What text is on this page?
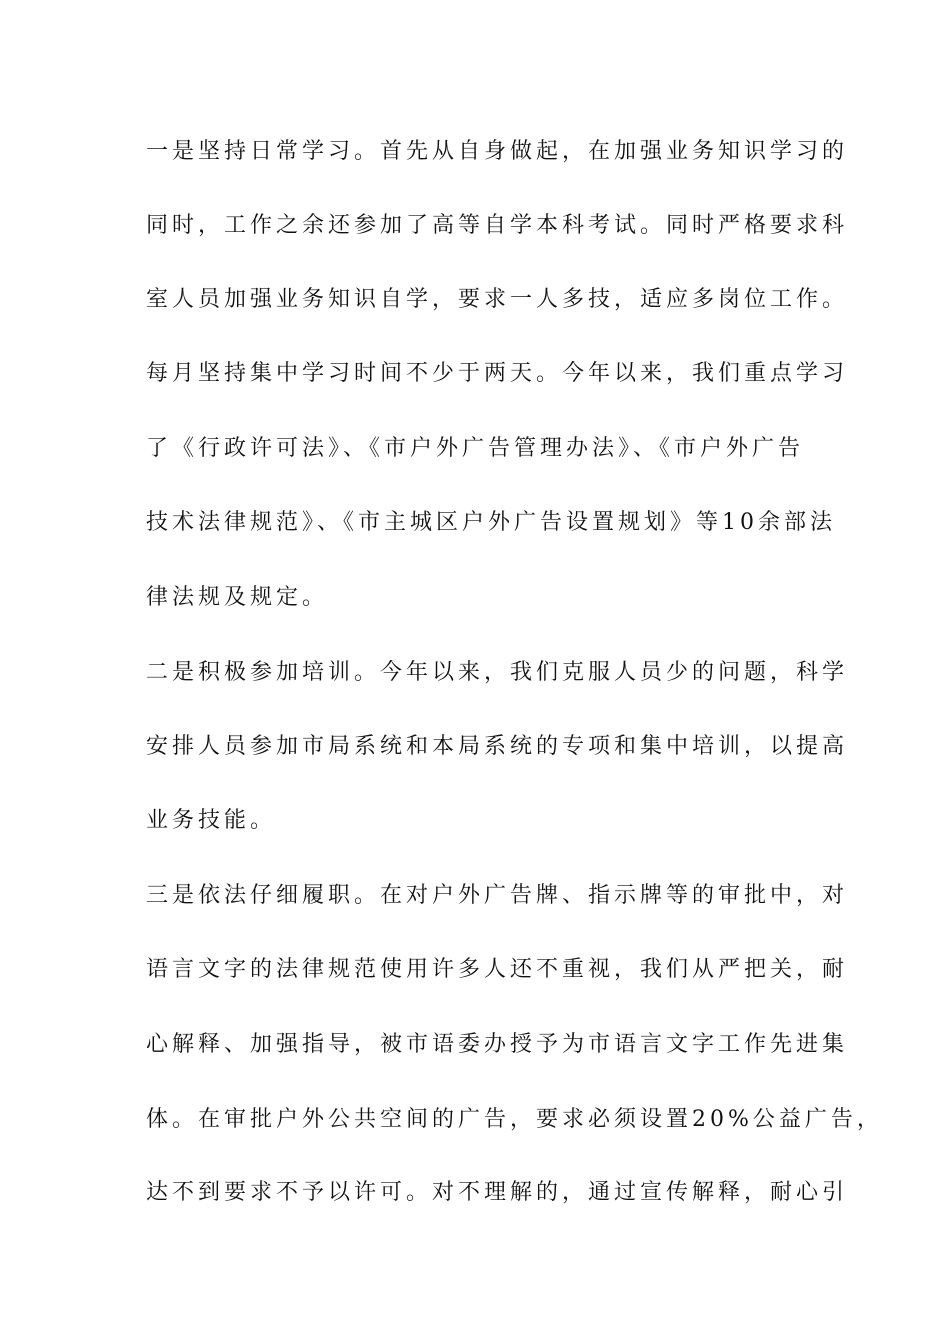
一是坚持日常学习。首先从自身做起，在加强业务知识学习的
同时，工作之余还参加了高等自学本科考试。同时严格要求科
室人员加强业务知识自学，要求一人多技，适应多岗位工作。
每月坚持集中学习时间不少于两天。今年以来，我们重点学习
了《行政许可法》、《市户外广告管理办法》、《市户外广告
技术法律规范》、《市主城区户外广告设置规划》等10余部法
律法规及规定。
二是积极参加培训。今年以来，我们克服人员少的问题，科学
安排人员参加市局系统和本局系统的专项和集中培训，以提高
业务技能。
三是依法仔细履职。在对户外广告牌、指示牌等的审批中，对
语言文字的法律规范使用许多人还不重视，我们从严把关，耐
心解释、加强指导，被市语委办授予为市语言文字工作先进集
体。在审批户外公共空间的广告，要求必须设置20%公益广告，
达不到要求不予以许可。对不理解的，通过宣传解释，耐心引
